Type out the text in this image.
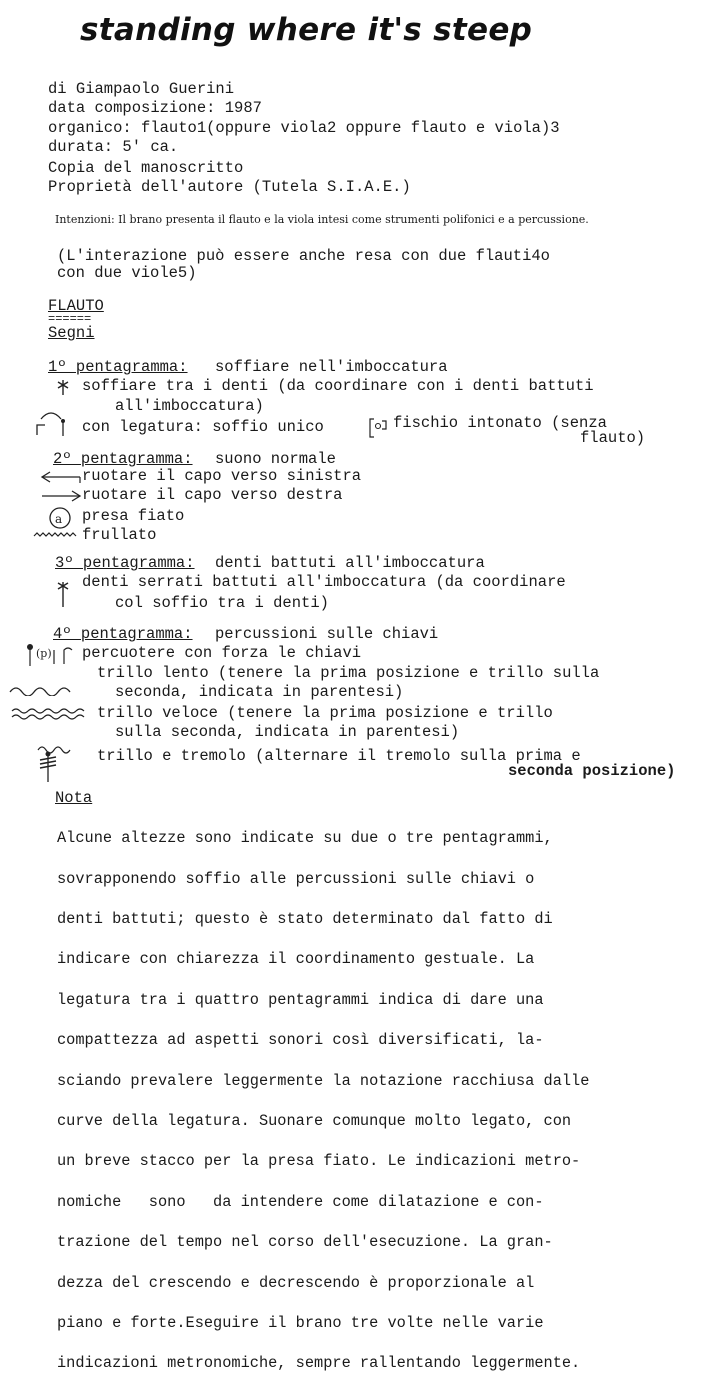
standing where it's steep
di Giampaolo Guerini
data composizione: 1987
organico: flauto1(oppure viola2 oppure flauto e viola)3
durata: 5' ca.
Copia del manoscritto
Proprietà dell'autore (Tutela S.I.A.E.)
Intenzioni: Il brano presenta il flauto e la viola intesi come strumenti polifonici e a percussione.
(L'interazione può essere anche resa con due flauti4o
con due viole5)
FLAUTO
======
Segni
1º pentagramma: soffiare nell'imboccatura
soffiare tra i denti (da coordinare con i denti battuti
all'imboccatura)
con legatura: soffio unico	fischio intonato (senza
flauto)
2º pentagramma: suono normale
ruotare il capo verso sinistra
ruotare il capo verso destra
a presa fiato
frullato
3º pentagramma: denti battuti all'imboccatura
denti serrati battuti all'imboccatura (da coordinare
col soffio tra i denti)
4º pentagramma: percussioni sulle chiavi
(p) percuotere con forza le chiavi
trillo lento (tenere la prima posizione e trillo sulla
seconda, indicata in parentesi)
trillo veloce (tenere la prima posizione e trillo
sulla seconda, indicata in parentesi)
trillo e tremolo (alternare il tremolo sulla prima e
seconda posizione)
Nota

Alcune altezze sono indicate su due o tre pentagrammi,

sovrapponendo soffio alle percussioni sulle chiavi o

denti battuti; questo è stato determinato dal fatto di

indicare con chiarezza il coordinamento gestuale. La

legatura tra i quattro pentagrammi indica di dare una

compattezza ad aspetti sonori così diversificati, la-

sciando prevalere leggermente la notazione racchiusa dalle

curve della legatura. Suonare comunque molto legato, con

un breve stacco per la presa fiato. Le indicazioni metro-

nomiche   sono   da intendere come dilatazione e con-

trazione del tempo nel corso dell'esecuzione. La gran-

dezza del crescendo e decrescendo è proporzionale al

piano e forte.Eseguire il brano tre volte nelle varie

indicazioni metronomiche, sempre rallentando leggermente.
